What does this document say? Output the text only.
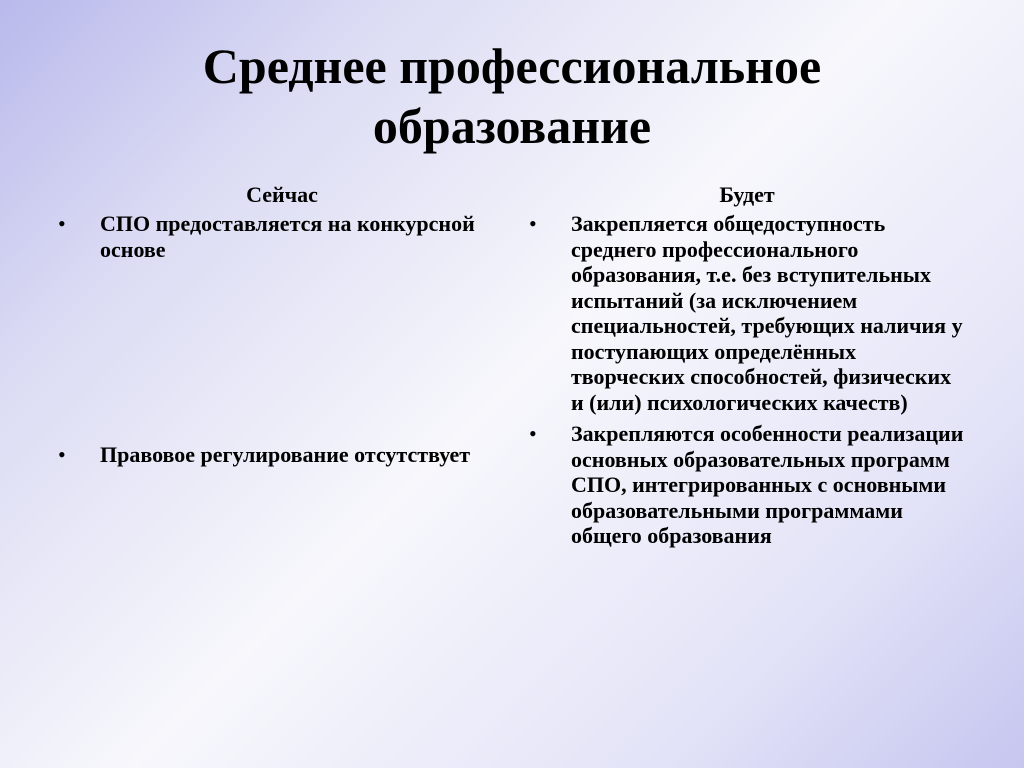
Среднее профессиональное
образование
Сейчас
• СПО предоставляется на конкурсной основе
• Правовое регулирование отсутствует
Будет
• Закрепляется общедоступность среднего профессионального образования, т.е. без вступительных испытаний (за исключением специальностей, требующих наличия у поступающих определённых творческих способностей, физических и (или) психологических качеств)
• Закрепляются особенности реализации основных образовательных программ СПО, интегрированных с основными образовательными программами общего образования
